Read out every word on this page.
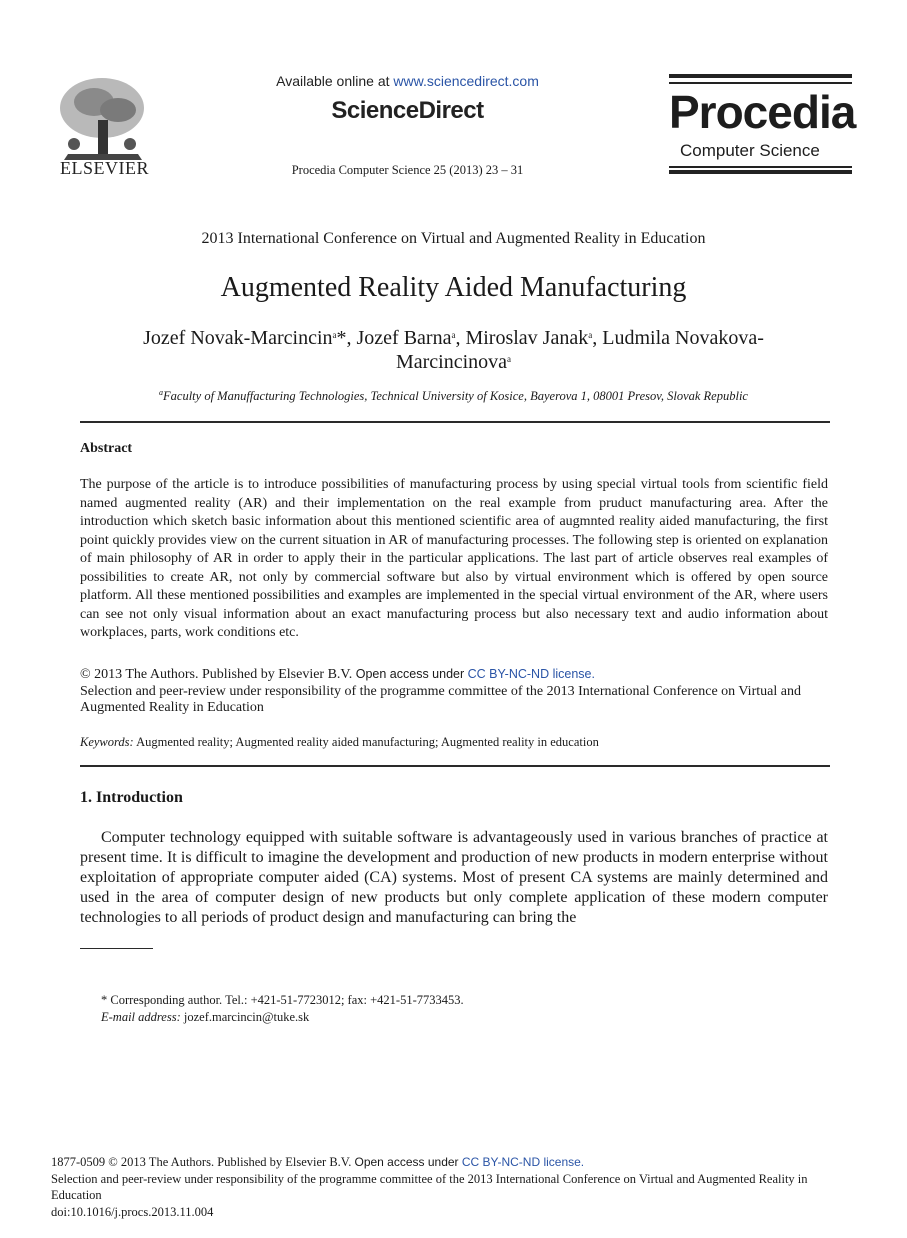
ELSEVIER
Available online at www.sciencedirect.com
ScienceDirect
Procedia Computer Science 25 (2013) 23 – 31
Procedia
Computer Science
2013 International Conference on Virtual and Augmented Reality in Education
Augmented Reality Aided Manufacturing
Jozef Novak-Marcincin$^a$*, Jozef Barna$^a$, Miroslav Janak$^a$, Ludmila Novakova-
Marcincinova$^a$
$^a$Faculty of Manuffacturing Technologies, Technical University of Kosice, Bayerova 1, 08001 Presov, Slovak Republic
Abstract

The purpose of the article is to introduce possibilities of manufacturing process by using special virtual tools from scientific field named augmented reality (AR) and their implementation on the real example from pruduct manufacturing area. After the introduction which sketch basic information about this mentioned scientific area of augmnted reality aided manufacturing, the first point quickly provides view on the current situation in AR of manufacturing processes. The following step is oriented on explanation of main philosophy of AR in order to apply their in the particular applications. The last part of article observes real examples of possibilities to create AR, not only by commercial software but also by virtual environment which is offered by open source platform. All these mentioned possibilities and examples are implemented in the special virtual environment of the AR, where users can see not only visual information about an exact manufacturing process but also necessary text and audio information about workplaces, parts, work conditions etc.

© 2013 The Authors. Published by Elsevier B.V. Open access under CC BY-NC-ND license.
Selection and peer-review under responsibility of the programme committee of the 2013 International Conference on Virtual and Augmented Reality in Education
Keywords: Augmented reality; Augmented reality aided manufacturing; Augmented reality in education
1. Introduction

Computer technology equipped with suitable software is advantageously used in various branches of practice at present time. It is difficult to imagine the development and production of new products in modern enterprise without exploitation of appropriate computer aided (CA) systems. Most of present CA systems are mainly determined and used in the area of computer design of new products but only complete application of these modern computer technologies to all periods of product design and manufacturing can bring the

* Corresponding author. Tel.: +421-51-7723012; fax: +421-51-7733453.
E-mail address: jozef.marcincin@tuke.sk
1877-0509 © 2013 The Authors. Published by Elsevier B.V. Open access under CC BY-NC-ND license.
Selection and peer-review under responsibility of the programme committee of the 2013 International Conference on Virtual and Augmented Reality in Education
doi:10.1016/j.procs.2013.11.004
